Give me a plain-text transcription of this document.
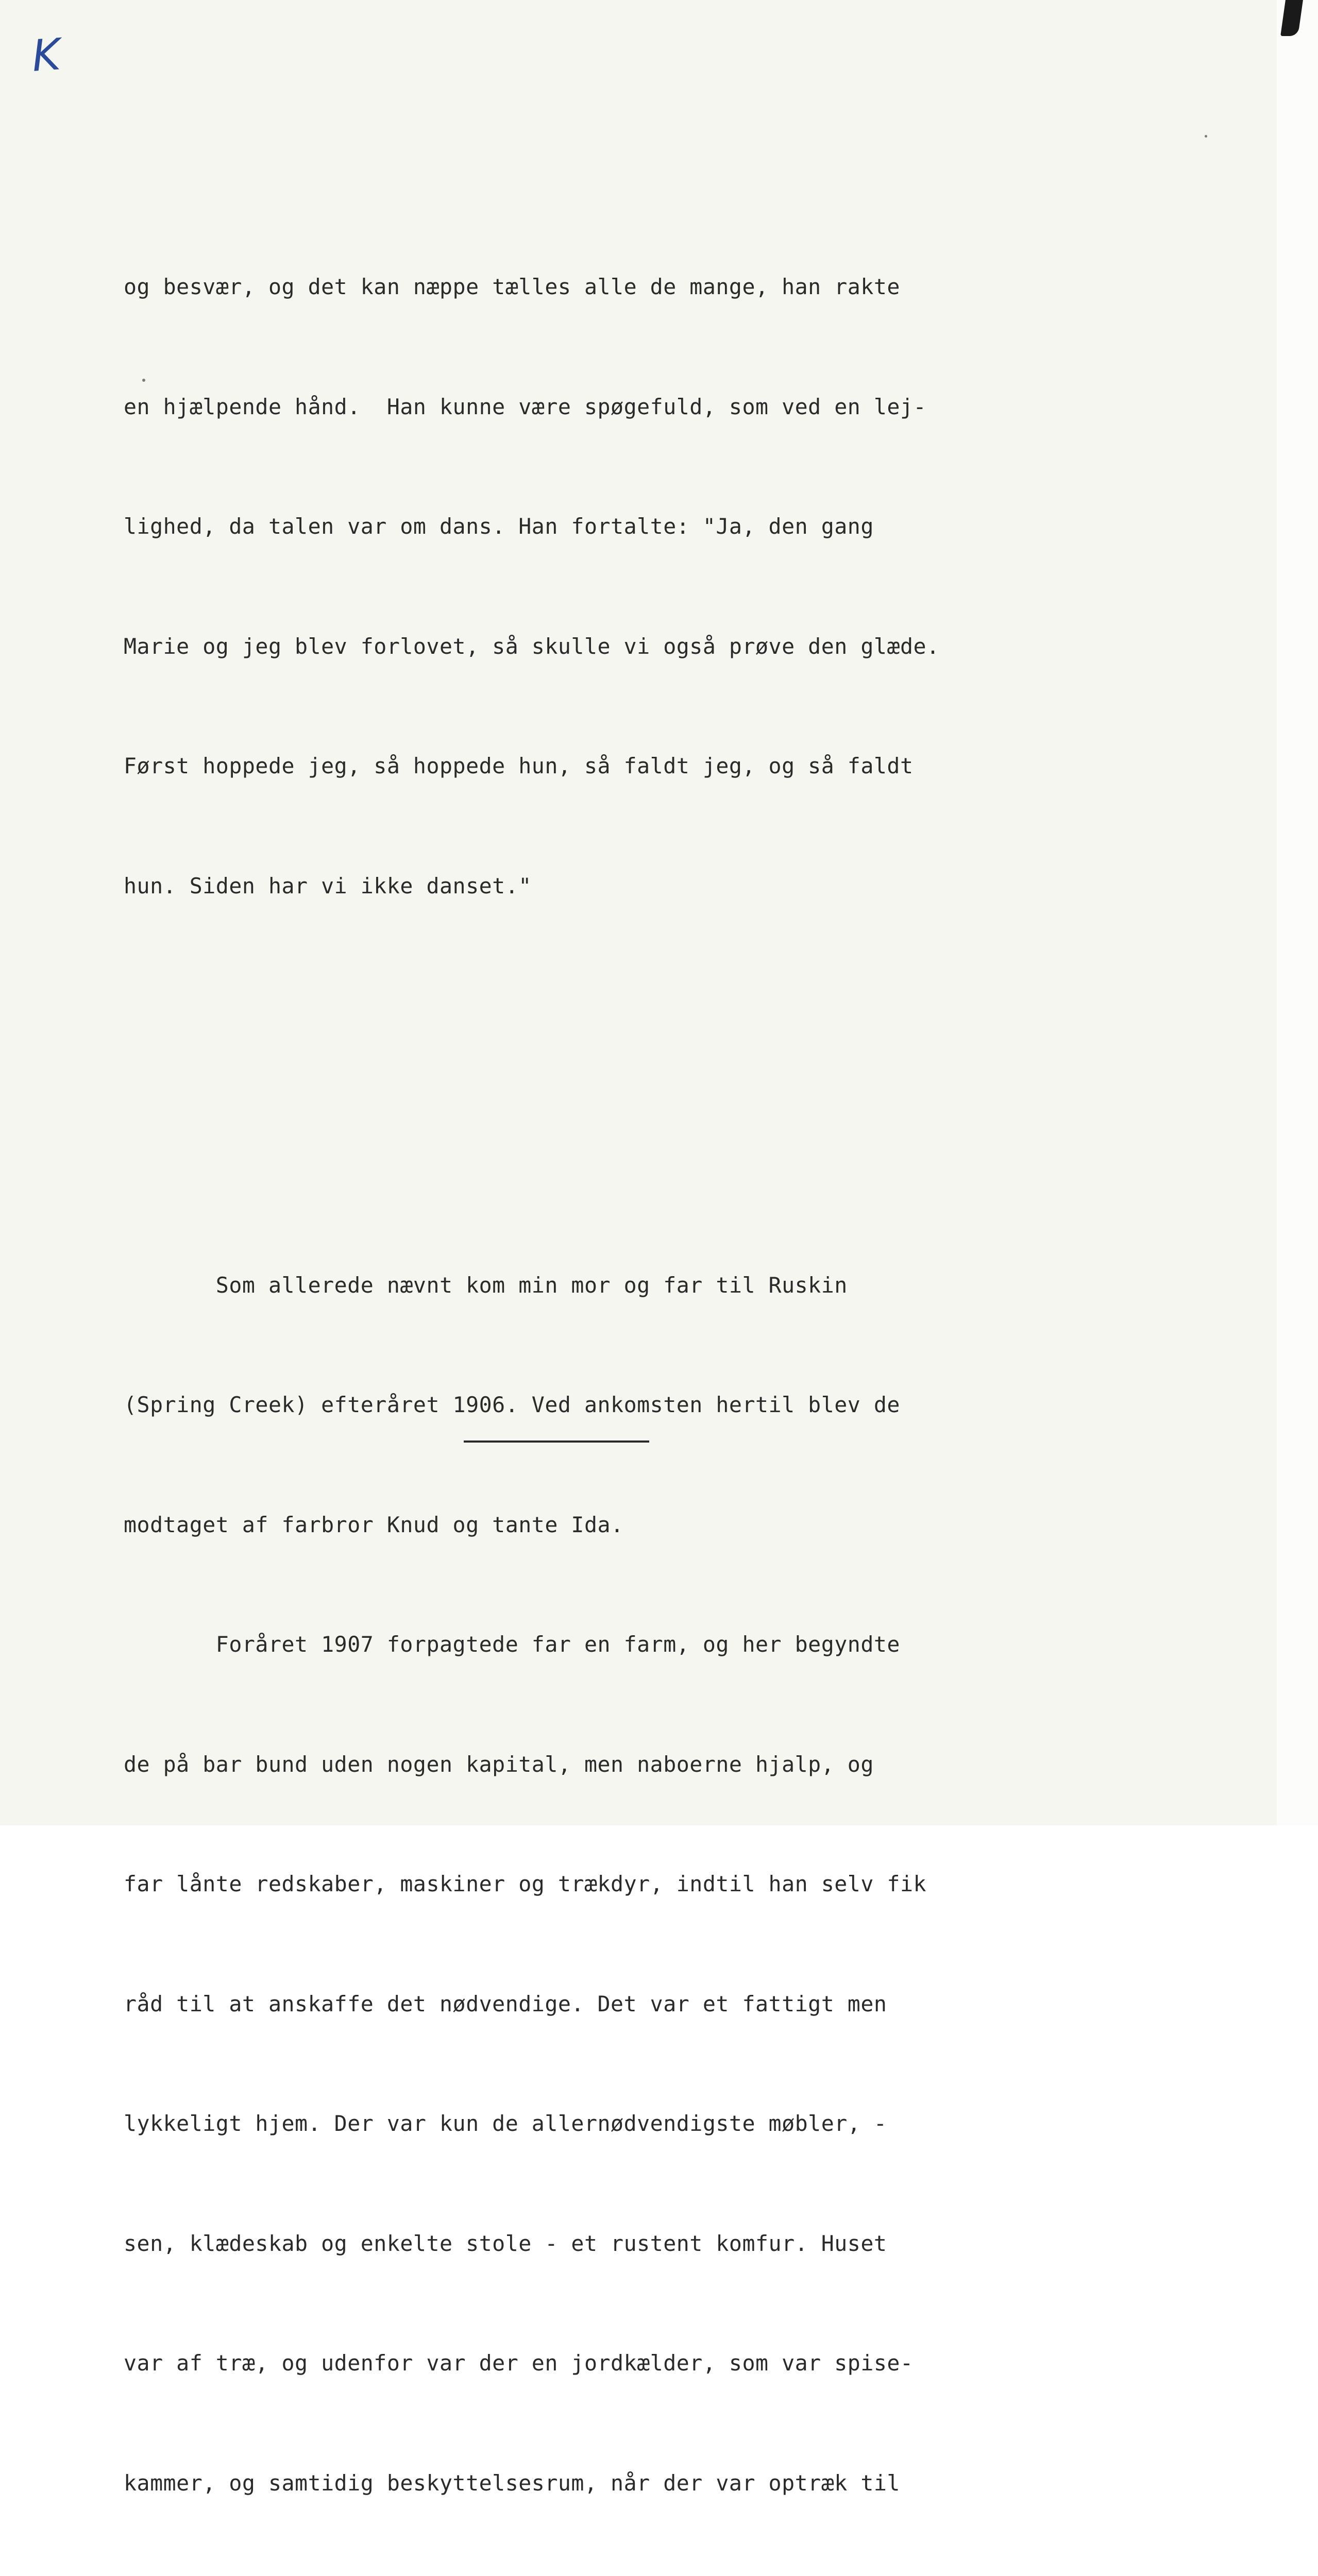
K

og besvær, og det kan næppe tælles alle de mange, han rakte

en hjælpende hånd.  Han kunne være spøgefuld, som ved en lej-

lighed, da talen var om dans. Han fortalte: "Ja, den gang

Marie og jeg blev forlovet, så skulle vi også prøve den glæde.

Først hoppede jeg, så hoppede hun, så faldt jeg, og så faldt

hun. Siden har vi ikke danset."

Som allerede nævnt kom min mor og far til Ruskin

(Spring Creek) efteråret 1906. Ved ankomsten hertil blev de

modtaget af farbror Knud og tante Ida.

Foråret 1907 forpagtede far en farm, og her begyndte

de på bar bund uden nogen kapital, men naboerne hjalp, og

far lånte redskaber, maskiner og trækdyr, indtil han selv fik

råd til at anskaffe det nødvendige. Det var et fattigt men

lykkeligt hjem. Der var kun de allernødvendigste møbler, -

sen, klædeskab og enkelte stole - et rustent komfur. Huset

var af træ, og udenfor var der en jordkælder, som var spise-

kammer, og samtidig beskyttelsesrum, når der var optræk til
